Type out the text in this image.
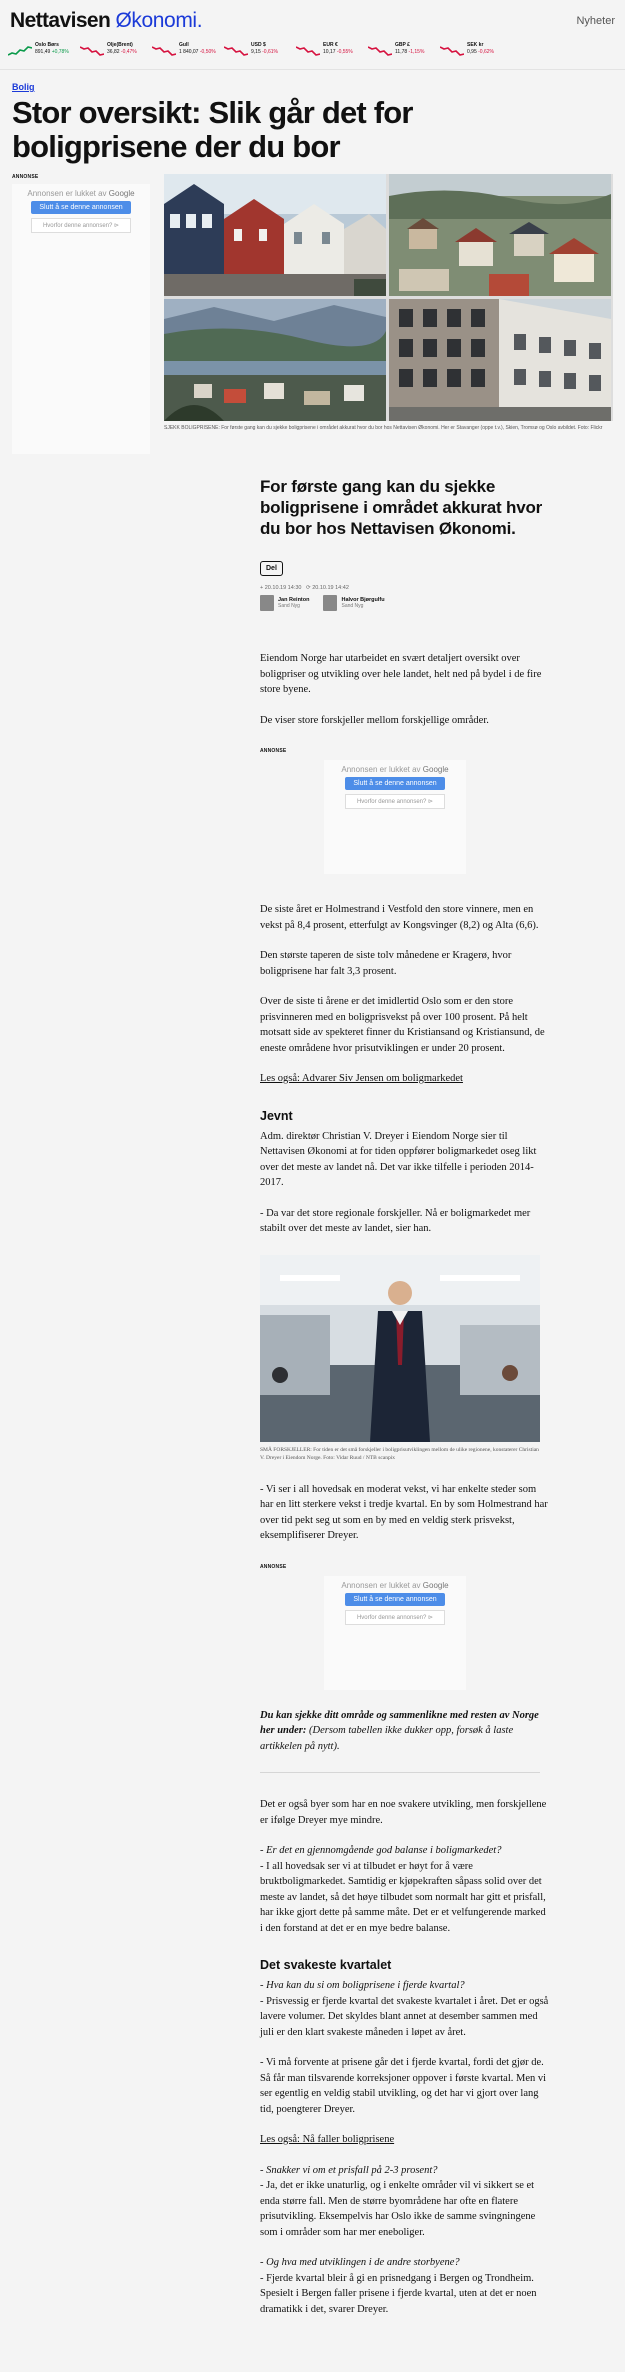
Nettavisen Økonomi.	Nyheter
Oslo Børs
891,49 +0,78%
Olje(Brent)
36,82 -0,47%
Gull
1 840,07 -0,50%
USD $
9,15 -0,61%
EUR €
10,17 -0,55%
GBP £
11,78 -1,15%
SEK kr
0,95 -0,62%
Bolig
Stor oversikt: Slik går det for boligprisene der du bor
ANNONSE
Annonsen er lukket av Google
Slutt å se denne annonsen
Hvorfor denne annonsen? ⊳
SJEKK BOLIGPRISENE: For første gang kan du sjekke boligprisene i området akkurat hvor du bor hos Nettavisen Økonomi. Her er Stavanger (oppe t.v.), Skien, Tromsø og Oslo avbildet. Foto: Flickr
For første gang kan du sjekke boligprisene i området akkurat hvor du bor hos Nettavisen Økonomi.
Del
+ 20.10.19 14:30 ⟳ 20.10.19 14:42
Jan Reinton
Sand Nyg
Halvor Bjørgulfu
Sand Nyg
Eiendom Norge har utarbeidet en svært detaljert oversikt over boligpriser og utvikling over hele landet, helt ned på bydel i de fire store byene.
De viser store forskjeller mellom forskjellige områder.
ANNONSE
Annonsen er lukket av Google
Slutt å se denne annonsen
Hvorfor denne annonsen? ⊳
De siste året er Holmestrand i Vestfold den store vinnere, men en vekst på 8,4 prosent, etterfulgt av Kongsvinger (8,2) og Alta (6,6).
Den største taperen de siste tolv månedene er Kragerø, hvor boligprisene har falt 3,3 prosent.
Over de siste ti årene er det imidlertid Oslo som er den store prisvinneren med en boligprisvekst på over 100 prosent. På helt motsatt side av spekteret finner du Kristiansand og Kristiansund, de eneste områdene hvor prisutviklingen er under 20 prosent.
Les også: Advarer Siv Jensen om boligmarkedet
Jevnt
Adm. direktør Christian V. Dreyer i Eiendom Norge sier til Nettavisen Økonomi at for tiden oppfører boligmarkedet oseg likt over det meste av landet nå. Det var ikke tilfelle i perioden 2014-2017.
- Da var det store regionale forskjeller. Nå er boligmarkedet mer stabilt over det meste av landet, sier han.
SMÅ FORSKJELLER: For tiden er det små forskjeller i boligprisutviklingen mellom de ulike regionene, konstaterer Christian V. Dreyer i Eiendom Norge. Foto: Vidar Ruud / NTB scanpix
- Vi ser i all hovedsak en moderat vekst, vi har enkelte steder som har en litt sterkere vekst i tredje kvartal. En by som Holmestrand har over tid pekt seg ut som en by med en veldig sterk prisvekst, eksemplifiserer Dreyer.
ANNONSE
Annonsen er lukket av Google
Slutt å se denne annonsen
Hvorfor denne annonsen? ⊳
Du kan sjekke ditt område og sammenlikne med resten av Norge her under: (Dersom tabellen ikke dukker opp, forsøk å laste artikkelen på nytt).
Det er også byer som har en noe svakere utvikling, men forskjellene er ifølge Dreyer mye mindre.
- Er det en gjennomgående god balanse i boligmarkedet?
- I all hovedsak ser vi at tilbudet er høyt for å være bruktboligmarkedet. Samtidig er kjøpekraften såpass solid over det meste av landet, så det høye tilbudet som normalt har gitt et prisfall, har ikke gjort dette på samme måte. Det er et velfungerende marked i den forstand at det er en mye bedre balanse.
Det svakeste kvartalet
- Hva kan du si om boligprisene i fjerde kvartal?
- Prisvessig er fjerde kvartal det svakeste kvartalet i året. Det er også lavere volumer. Det skyldes blant annet at desember sammen med juli er den klart svakeste måneden i løpet av året.
- Vi må forvente at prisene går det i fjerde kvartal, fordi det gjør de. Så får man tilsvarende korreksjoner oppover i første kvartal. Men vi ser egentlig en veldig stabil utvikling, og det har vi gjort over lang tid, poengterer Dreyer.
Les også: Nå faller boligprisene
- Snakker vi om et prisfall på 2-3 prosent?
- Ja, det er ikke unaturlig, og i enkelte områder vil vi sikkert se et enda større fall. Men de større byområdene har ofte en flatere prisutvikling. Eksempelvis har Oslo ikke de samme svingningene som i områder som har mer eneboliger.
- Og hva med utviklingen i de andre storbyene?
- Fjerde kvartal bleir å gi en prisnedgang i Bergen og Trondheim. Spesielt i Bergen faller prisene i fjerde kvartal, uten at det er noen dramatikk i det, svarer Dreyer.
